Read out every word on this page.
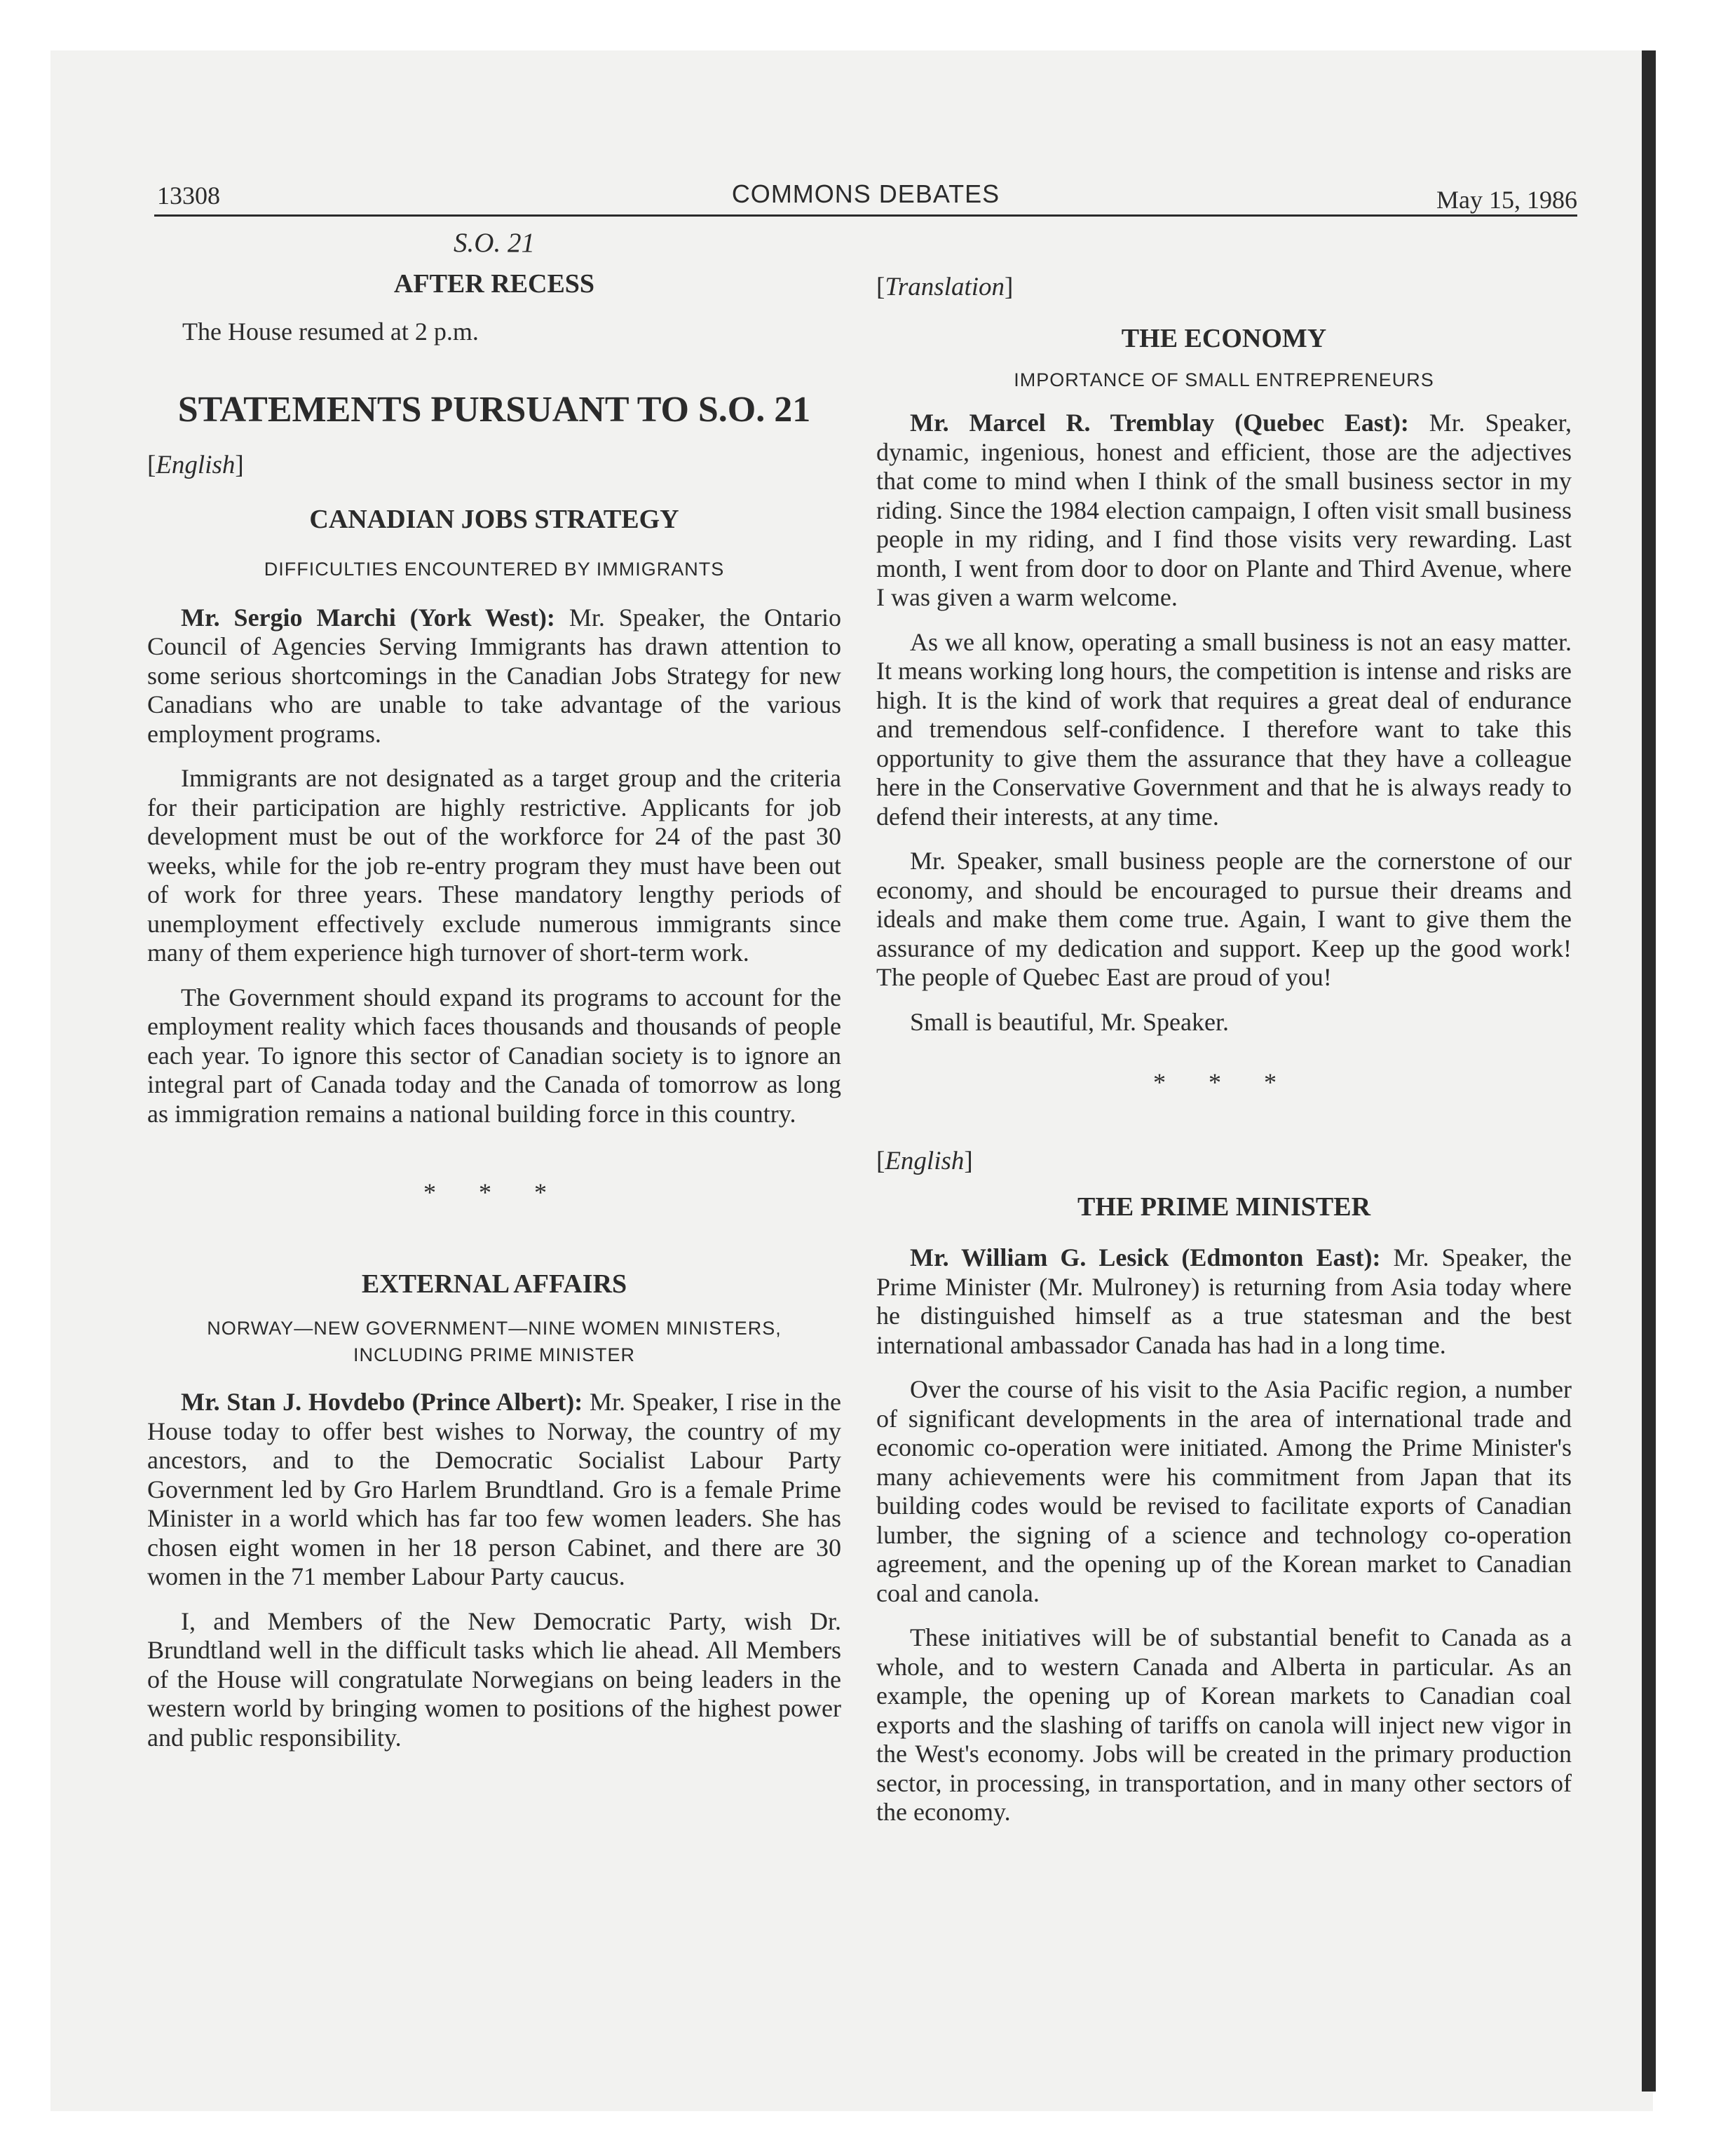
13308	COMMONS DEBATES	May 15, 1986

S.O. 21

AFTER RECESS

The House resumed at 2 p.m.

STATEMENTS PURSUANT TO S.O. 21

[English]

CANADIAN JOBS STRATEGY

DIFFICULTIES ENCOUNTERED BY IMMIGRANTS

Mr. Sergio Marchi (York West): Mr. Speaker, the Ontario Council of Agencies Serving Immigrants has drawn attention to some serious shortcomings in the Canadian Jobs Strategy for new Canadians who are unable to take advantage of the various employment programs.

Immigrants are not designated as a target group and the criteria for their participation are highly restrictive. Applicants for job development must be out of the workforce for 24 of the past 30 weeks, while for the job re-entry program they must have been out of work for three years. These mandatory lengthy periods of unemployment effectively exclude numerous immigrants since many of them experience high turnover of short-term work.

The Government should expand its programs to account for the employment reality which faces thousands and thousands of people each year. To ignore this sector of Canadian society is to ignore an integral part of Canada today and the Canada of tomorrow as long as immigration remains a national building force in this country.

* * *

EXTERNAL AFFAIRS

NORWAY—NEW GOVERNMENT—NINE WOMEN MINISTERS,

INCLUDING PRIME MINISTER

Mr. Stan J. Hovdebo (Prince Albert): Mr. Speaker, I rise in the House today to offer best wishes to Norway, the country of my ancestors, and to the Democratic Socialist Labour Party Government led by Gro Harlem Brundtland. Gro is a female Prime Minister in a world which has far too few women leaders. She has chosen eight women in her 18 person Cabinet, and there are 30 women in the 71 member Labour Party caucus.

I, and Members of the New Democratic Party, wish Dr. Brundtland well in the difficult tasks which lie ahead. All Members of the House will congratulate Norwegians on being leaders in the western world by bringing women to positions of the highest power and public responsibility.

[Translation]

THE ECONOMY

IMPORTANCE OF SMALL ENTREPRENEURS

Mr. Marcel R. Tremblay (Quebec East): Mr. Speaker, dynamic, ingenious, honest and efficient, those are the adjectives that come to mind when I think of the small business sector in my riding. Since the 1984 election campaign, I often visit small business people in my riding, and I find those visits very rewarding. Last month, I went from door to door on Plante and Third Avenue, where I was given a warm welcome.

As we all know, operating a small business is not an easy matter. It means working long hours, the competition is intense and risks are high. It is the kind of work that requires a great deal of endurance and tremendous self-confidence. I therefore want to take this opportunity to give them the assurance that they have a colleague here in the Conservative Government and that he is always ready to defend their interests, at any time.

Mr. Speaker, small business people are the cornerstone of our economy, and should be encouraged to pursue their dreams and ideals and make them come true. Again, I want to give them the assurance of my dedication and support. Keep up the good work! The people of Quebec East are proud of you!

Small is beautiful, Mr. Speaker.

* * *

[English]

THE PRIME MINISTER

Mr. William G. Lesick (Edmonton East): Mr. Speaker, the Prime Minister (Mr. Mulroney) is returning from Asia today where he distinguished himself as a true statesman and the best international ambassador Canada has had in a long time.

Over the course of his visit to the Asia Pacific region, a number of significant developments in the area of international trade and economic co-operation were initiated. Among the Prime Minister's many achievements were his commitment from Japan that its building codes would be revised to facilitate exports of Canadian lumber, the signing of a science and technology co-operation agreement, and the opening up of the Korean market to Canadian coal and canola.

These initiatives will be of substantial benefit to Canada as a whole, and to western Canada and Alberta in particular. As an example, the opening up of Korean markets to Canadian coal exports and the slashing of tariffs on canola will inject new vigor in the West's economy. Jobs will be created in the primary production sector, in processing, in transportation, and in many other sectors of the economy.
